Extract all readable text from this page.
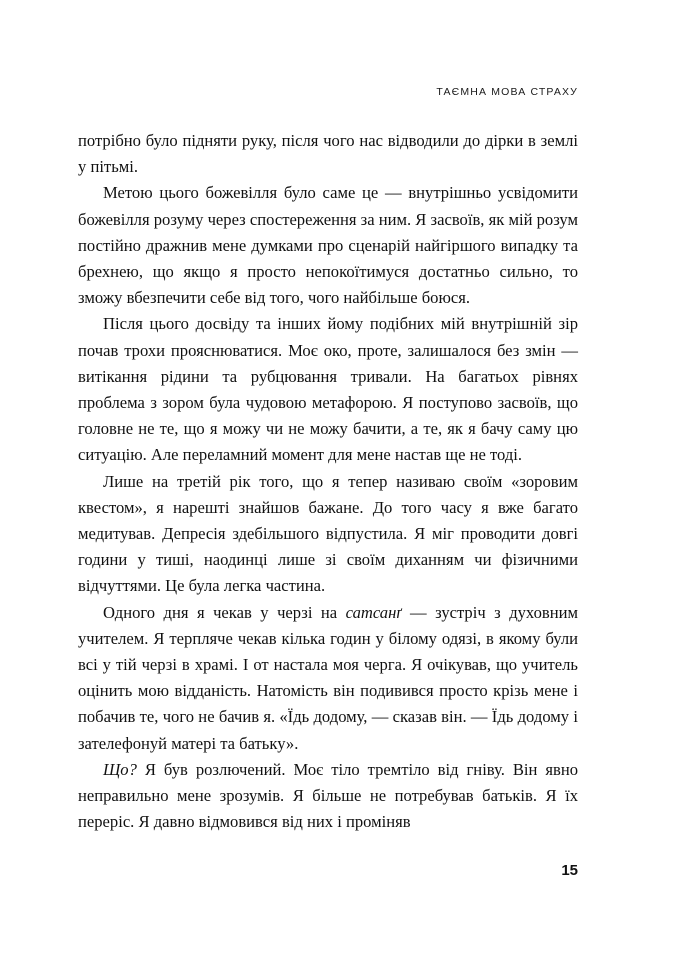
ТАЄМНА МОВА СТРАХУ

потрібно було підняти руку, після чого нас відводили до дірки в землі у пітьмі.

Метою цього божевілля було саме це — внутрішньо усвідомити божевілля розуму через спостереження за ним. Я засвоїв, як мій розум постійно дражнив мене думками про сценарій найгіршого випадку та брехнею, що якщо я просто непокоїтимуся достатньо сильно, то зможу вбезпечити себе від того, чого найбільше боюся.

Після цього досвіду та інших йому подібних мій внутрішній зір почав трохи прояснюватися. Моє око, проте, залишалося без змін — витікання рідини та рубцювання тривали. На багатьох рівнях проблема з зором була чудовою метафорою. Я поступово засвоїв, що головне не те, що я можу чи не можу бачити, а те, як я бачу саму цю ситуацію. Але переламний момент для мене настав ще не тоді.

Лише на третій рік того, що я тепер називаю своїм «зоровим квестом», я нарешті знайшов бажане. До того часу я вже багато медитував. Депресія здебільшого відпустила. Я міг проводити довгі години у тиші, наодинці лише зі своїм диханням чи фізичними відчуттями. Це була легка частина.

Одного дня я чекав у черзі на сатсанґ — зустріч з духовним учителем. Я терпляче чекав кілька годин у білому одязі, в якому були всі у тій черзі в храмі. І от настала моя черга. Я очікував, що учитель оцінить мою відданість. Натомість він подивився просто крізь мене і побачив те, чого не бачив я. «Їдь додому, — сказав він. — Їдь додому і зателефонуй матері та батьку».

Що? Я був розлючений. Моє тіло тремтіло від гніву. Він явно неправильно мене зрозумів. Я більше не потребував батьків. Я їх переріс. Я давно відмовився від них і проміняв

15
